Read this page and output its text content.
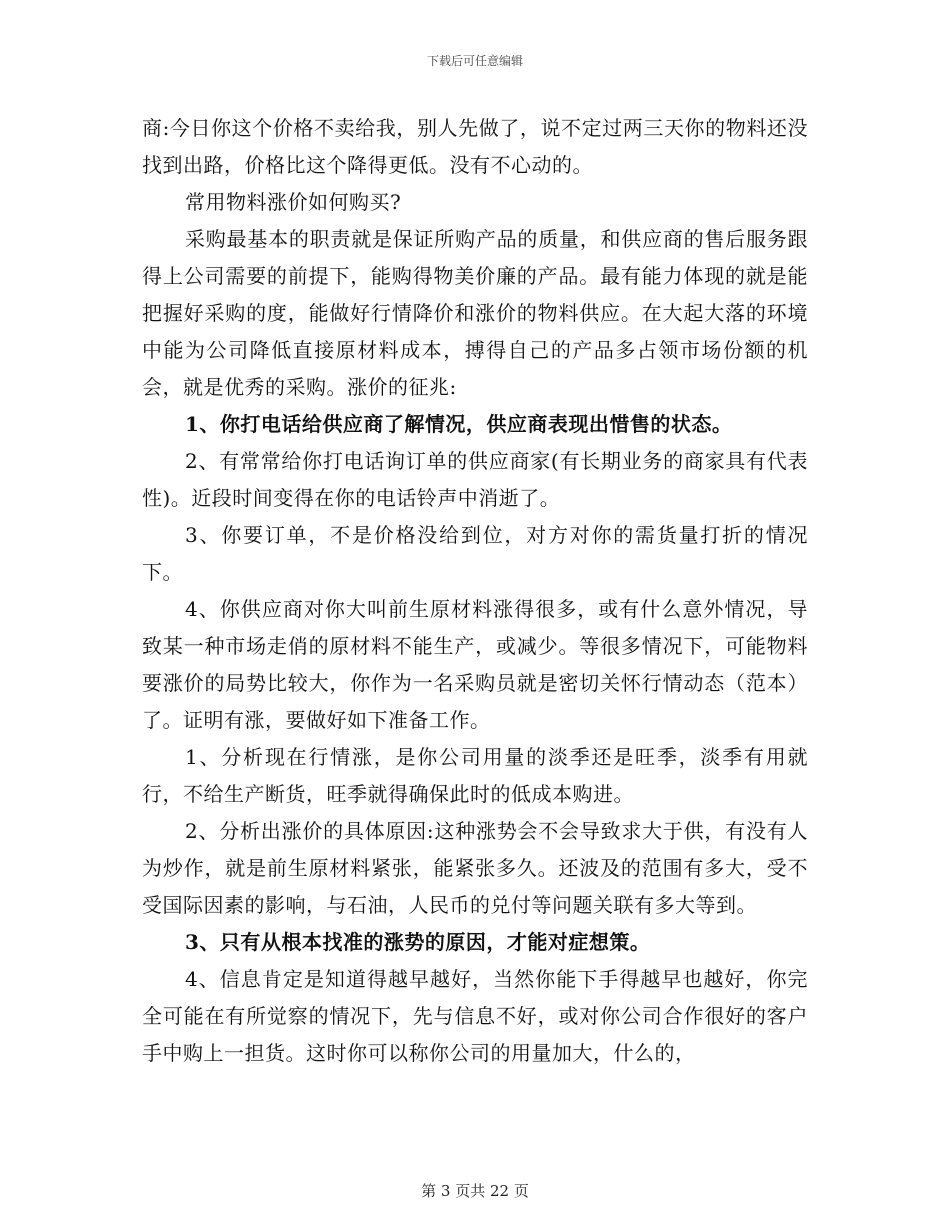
下载后可任意编辑

商:今日你这个价格不卖给我，别人先做了，说不定过两三天你的物料还没找到出路，价格比这个降得更低。没有不心动的。

常用物料涨价如何购买?

采购最基本的职责就是保证所购产品的质量，和供应商的售后服务跟得上公司需要的前提下，能购得物美价廉的产品。最有能力体现的就是能把握好采购的度，能做好行情降价和涨价的物料供应。在大起大落的环境中能为公司降低直接原材料成本，搏得自己的产品多占领市场份额的机会，就是优秀的采购。涨价的征兆:

1、你打电话给供应商了解情况，供应商表现出惜售的状态。

2、有常常给你打电话询订单的供应商家(有长期业务的商家具有代表性)。近段时间变得在你的电话铃声中消逝了。

3、你要订单，不是价格没给到位，对方对你的需货量打折的情况下。

4、你供应商对你大叫前生原材料涨得很多，或有什么意外情况，导致某一种市场走俏的原材料不能生产，或减少。等很多情况下，可能物料要涨价的局势比较大，你作为一名采购员就是密切关怀行情动态（范本）了。证明有涨，要做好如下准备工作。

1、分析现在行情涨，是你公司用量的淡季还是旺季，淡季有用就行，不给生产断货，旺季就得确保此时的低成本购进。

2、分析出涨价的具体原因:这种涨势会不会导致求大于供，有没有人为炒作，就是前生原材料紧张，能紧张多久。还波及的范围有多大，受不受国际因素的影响，与石油，人民币的兑付等问题关联有多大等到。

3、只有从根本找准的涨势的原因，才能对症想策。

4、信息肯定是知道得越早越好，当然你能下手得越早也越好，你完全可能在有所觉察的情况下，先与信息不好，或对你公司合作很好的客户手中购上一担货。这时你可以称你公司的用量加大，什么的，

第 3 页共 22 页
